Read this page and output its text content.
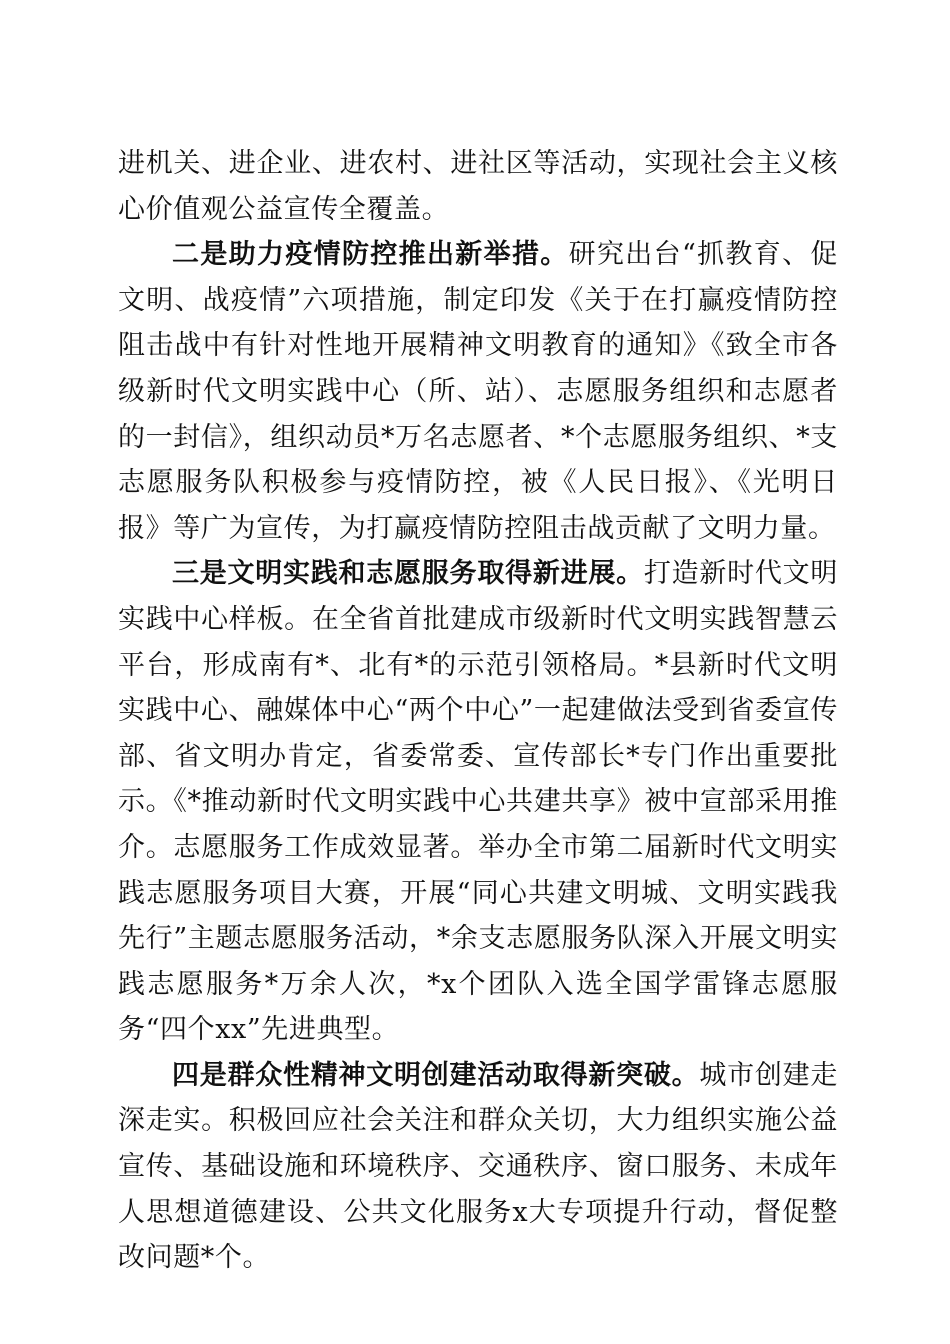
进机关、进企业、进农村、进社区等活动，实现社会主义核心价值观公益宣传全覆盖。

二是助力疫情防控推出新举措。研究出台“抓教育、促文明、战疫情”六项措施，制定印发《关于在打赢疫情防控阻击战中有针对性地开展精神文明教育的通知》《致全市各级新时代文明实践中心（所、站）、志愿服务组织和志愿者的一封信》，组织动员*万名志愿者、*个志愿服务组织、*支志愿服务队积极参与疫情防控，被《人民日报》、《光明日报》等广为宣传，为打赢疫情防控阻击战贡献了文明力量。

三是文明实践和志愿服务取得新进展。打造新时代文明实践中心样板。在全省首批建成市级新时代文明实践智慧云平台，形成南有*、北有*的示范引领格局。*县新时代文明实践中心、融媒体中心“两个中心”一起建做法受到省委宣传部、省文明办肯定，省委常委、宣传部长*专门作出重要批示。《*推动新时代文明实践中心共建共享》被中宣部采用推介。志愿服务工作成效显著。举办全市第二届新时代文明实践志愿服务项目大赛，开展“同心共建文明城、文明实践我先行”主题志愿服务活动，*余支志愿服务队深入开展文明实践志愿服务*万余人次，*x个团队入选全国学雷锋志愿服务“四个xx”先进典型。

四是群众性精神文明创建活动取得新突破。城市创建走深走实。积极回应社会关注和群众关切，大力组织实施公益宣传、基础设施和环境秩序、交通秩序、窗口服务、未成年人思想道德建设、公共文化服务x大专项提升行动，督促整改问题*个。
